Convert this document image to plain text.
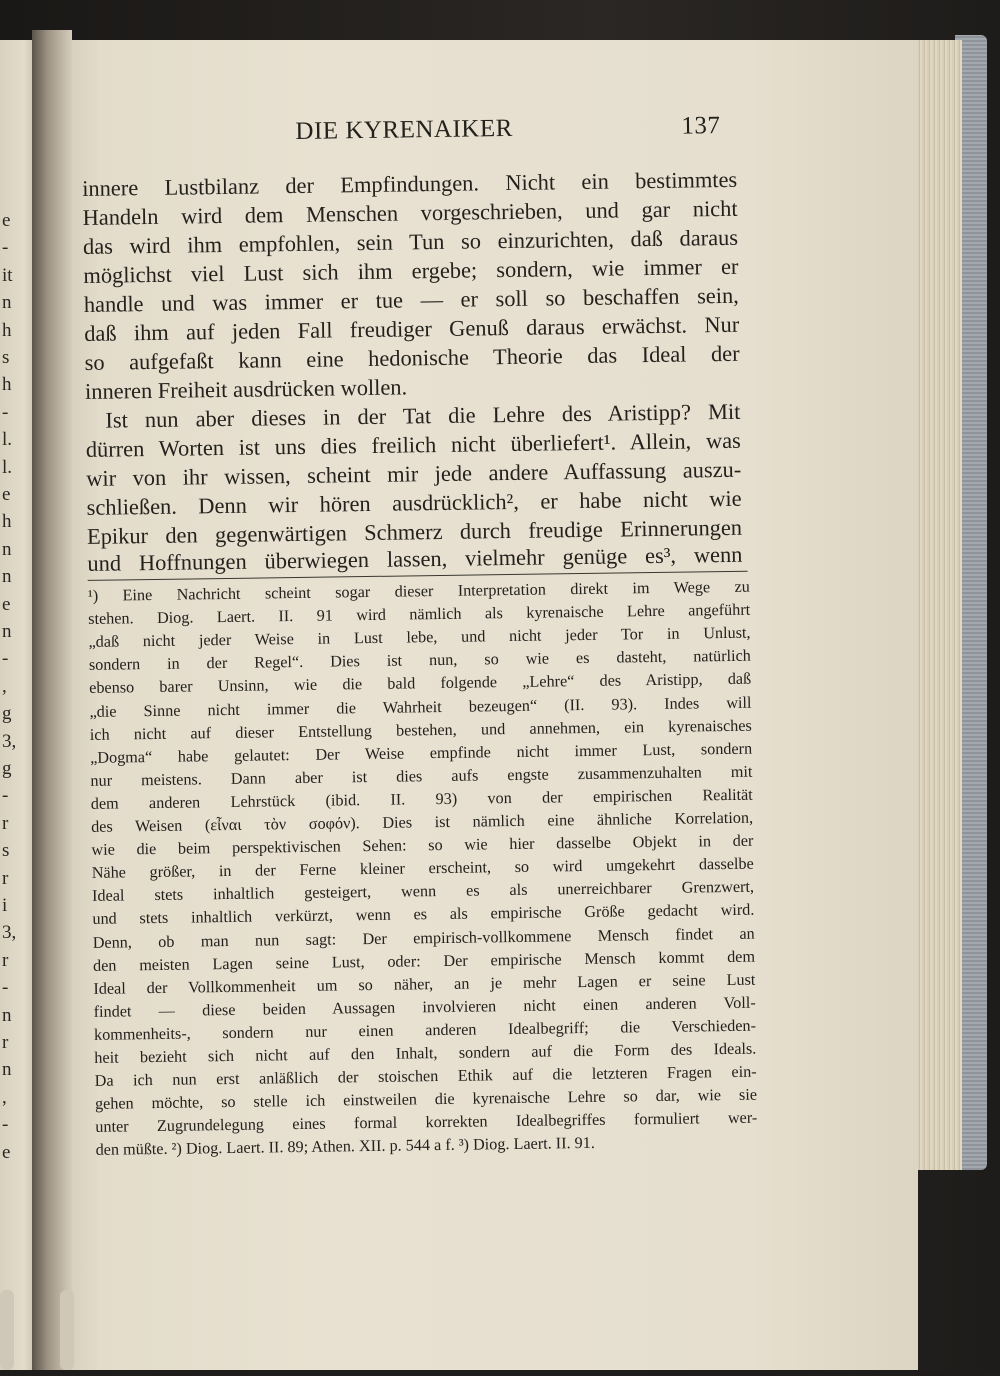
e
-
it
n
h
s
h
-
l.
l.
e
h
n
n
e
n
-
,
g
3,
g
-
r
s
r
i
3,
r
-
n
r
n
,
-
e
DIE KYRENAIKER	137
innere Lustbilanz der Empfindungen. Nicht ein bestimmtes
Handeln wird dem Menschen vorgeschrieben, und gar nicht
das wird ihm empfohlen, sein Tun so einzurichten, daß daraus
möglichst viel Lust sich ihm ergebe; sondern, wie immer er
handle und was immer er tue — er soll so beschaffen sein,
daß ihm auf jeden Fall freudiger Genuß daraus erwächst. Nur
so aufgefaßt kann eine hedonische Theorie das Ideal der
inneren Freiheit ausdrücken wollen.
Ist nun aber dieses in der Tat die Lehre des Aristipp? Mit
dürren Worten ist uns dies freilich nicht überliefert¹. Allein, was
wir von ihr wissen, scheint mir jede andere Auffassung auszu-
schließen. Denn wir hören ausdrücklich², er habe nicht wie
Epikur den gegenwärtigen Schmerz durch freudige Erinnerungen
und Hoffnungen überwiegen lassen, vielmehr genüge es³, wenn
¹) Eine Nachricht scheint sogar dieser Interpretation direkt im Wege zu
stehen. Diog. Laert. II. 91 wird nämlich als kyrenaische Lehre angeführt
„daß nicht jeder Weise in Lust lebe, und nicht jeder Tor in Unlust,
sondern in der Regel“. Dies ist nun, so wie es dasteht, natürlich
ebenso barer Unsinn, wie die bald folgende „Lehre“ des Aristipp, daß
„die Sinne nicht immer die Wahrheit bezeugen“ (II. 93). Indes will
ich nicht auf dieser Entstellung bestehen, und annehmen, ein kyrenaisches
„Dogma“ habe gelautet: Der Weise empfinde nicht immer Lust, sondern
nur meistens. Dann aber ist dies aufs engste zusammenzuhalten mit
dem anderen Lehrstück (ibid. II. 93) von der empirischen Realität
des Weisen (εἶναι τὸν σοφόν). Dies ist nämlich eine ähnliche Korrelation,
wie die beim perspektivischen Sehen: so wie hier dasselbe Objekt in der
Nähe größer, in der Ferne kleiner erscheint, so wird umgekehrt dasselbe
Ideal stets inhaltlich gesteigert, wenn es als unerreichbarer Grenzwert,
und stets inhaltlich verkürzt, wenn es als empirische Größe gedacht wird.
Denn, ob man nun sagt: Der empirisch-vollkommene Mensch findet an
den meisten Lagen seine Lust, oder: Der empirische Mensch kommt dem
Ideal der Vollkommenheit um so näher, an je mehr Lagen er seine Lust
findet — diese beiden Aussagen involvieren nicht einen anderen Voll-
kommenheits-, sondern nur einen anderen Idealbegriff; die Verschieden-
heit bezieht sich nicht auf den Inhalt, sondern auf die Form des Ideals.
Da ich nun erst anläßlich der stoischen Ethik auf die letzteren Fragen ein-
gehen möchte, so stelle ich einstweilen die kyrenaische Lehre so dar, wie sie
unter Zugrundelegung eines formal korrekten Idealbegriffes formuliert wer-
den müßte. ²) Diog. Laert. II. 89; Athen. XII. p. 544 a f. ³) Diog. Laert. II. 91.
